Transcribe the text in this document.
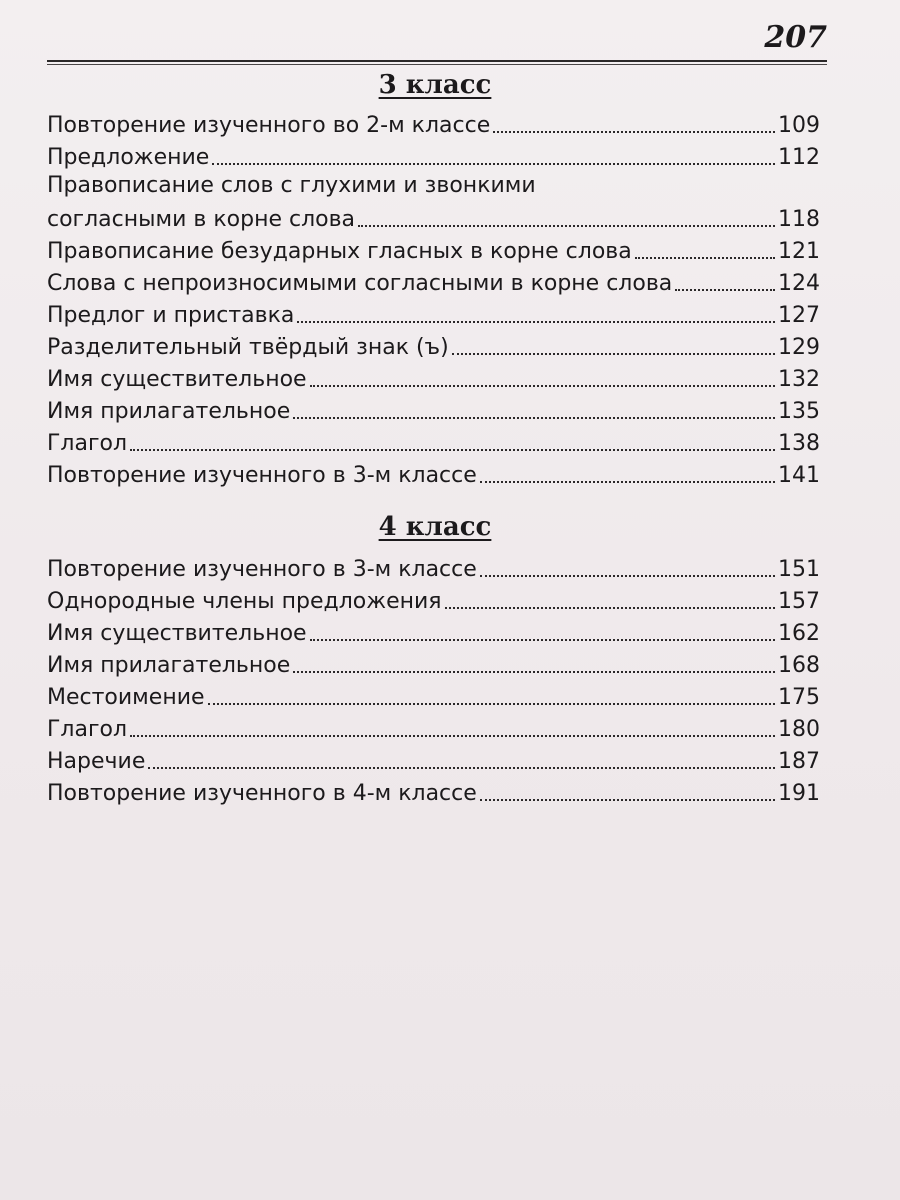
207
3 класс
Повторение изученного во 2-м классе	109
Предложение	112
Правописание слов с глухими и звонкими
согласными в корне слова	118
Правописание безударных гласных в корне слова	121
Слова с непроизносимыми согласными в корне слова	124
Предлог и приставка	127
Разделительный твёрдый знак (ъ)	129
Имя существительное	132
Имя прилагательное	135
Глагол	138
Повторение изученного в 3-м классе	141
4 класс
Повторение изученного в 3-м классе	151
Однородные члены предложения	157
Имя существительное	162
Имя прилагательное	168
Местоимение	175
Глагол	180
Наречие	187
Повторение изученного в 4-м классе	191
